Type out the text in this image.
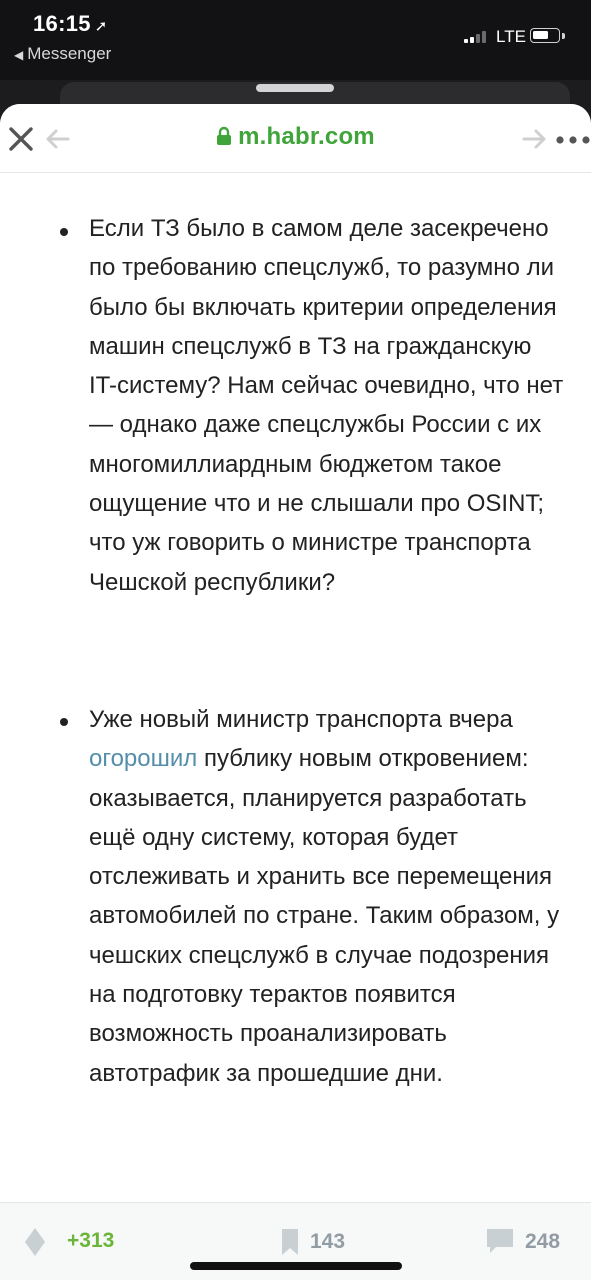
16:15 ➚
◀ Messenger
LTE

Если ТЗ было в самом деле засекречено по требованию спецслужб, то разумно ли было бы включать критерии определения машин спецслужб в ТЗ на гражданскую IT-систему? Нам сейчас очевидно, что нет — однако даже спецслужбы России с их многомиллиардным бюджетом такое ощущение что и не слышали про OSINT; что уж говорить о министре транспорта Чешской республики?

Уже новый министр транспорта вчера огорошил публику новым откровением: оказывается, планируется разработать ещё одну систему, которая будет отслеживать и хранить все перемещения автомобилей по стране. Таким образом, у чешских спецслужб в случае подозрения на подготовку терактов появится возможность проанализировать автотрафик за прошедшие дни.

m.habr.com
+313	143	248
